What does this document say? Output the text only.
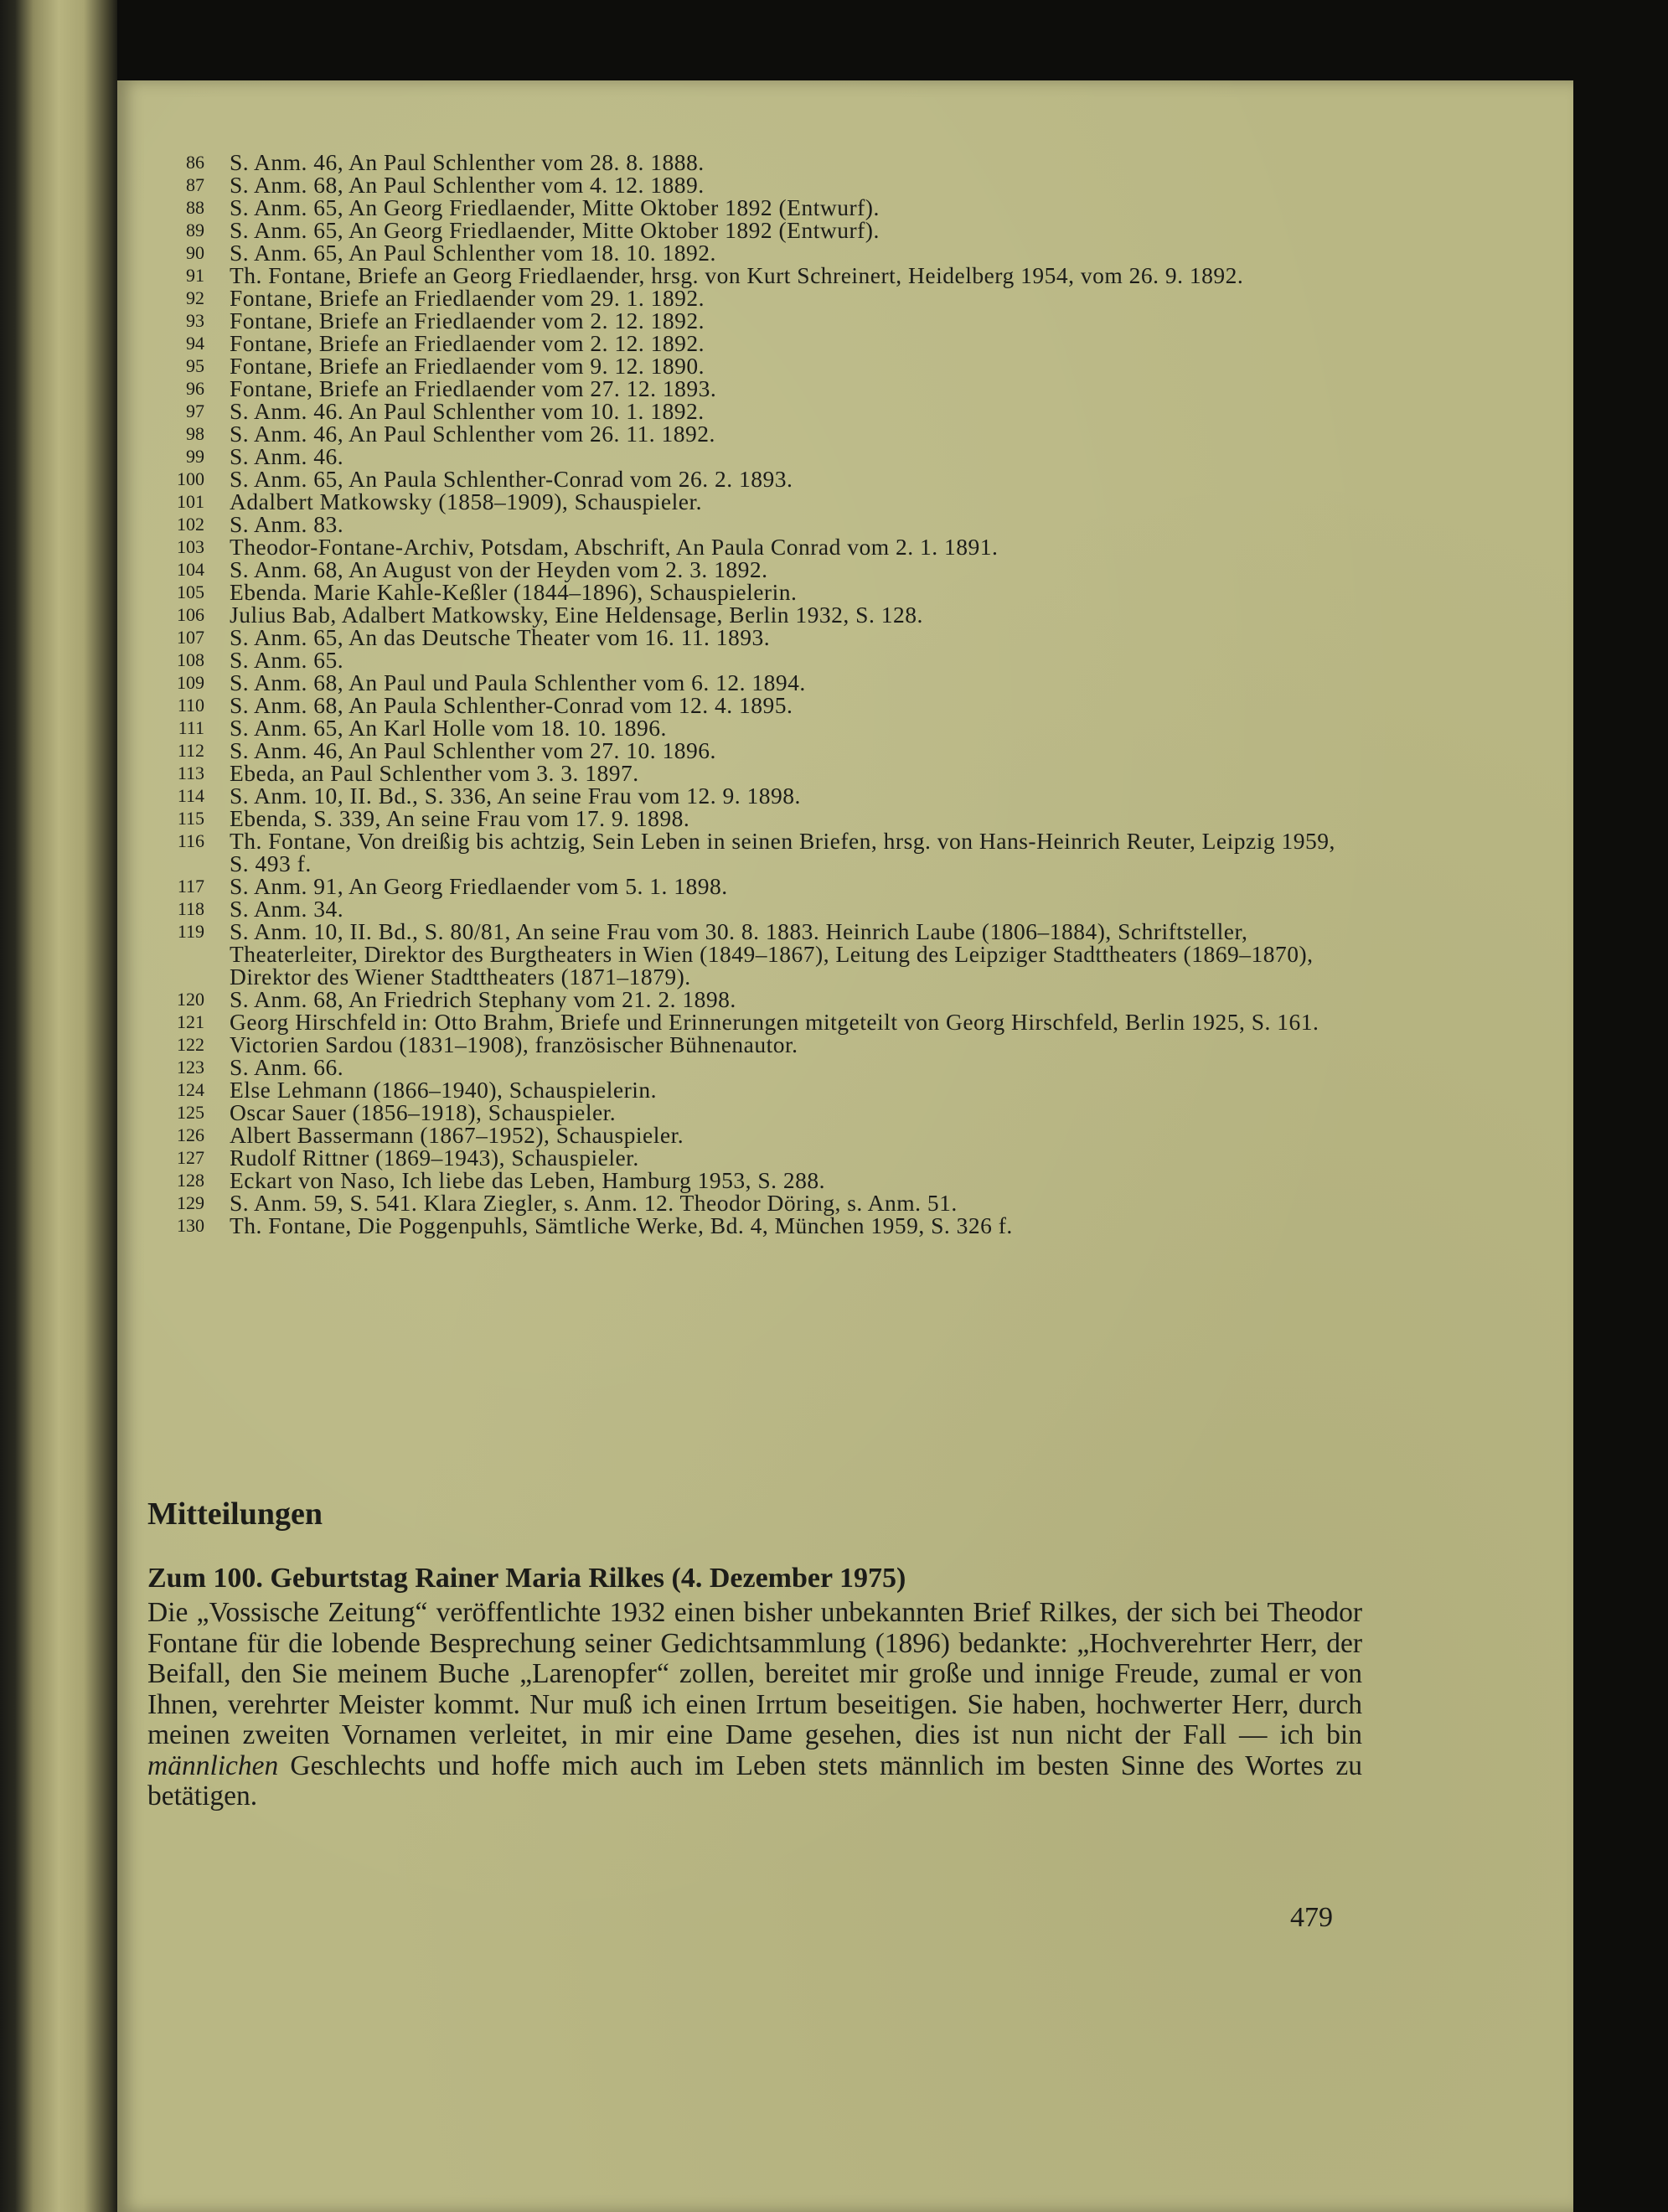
86	S. Anm. 46, An Paul Schlenther vom 28. 8. 1888.
87	S. Anm. 68, An Paul Schlenther vom 4. 12. 1889.
88	S. Anm. 65, An Georg Friedlaender, Mitte Oktober 1892 (Entwurf).
89	S. Anm. 65, An Georg Friedlaender, Mitte Oktober 1892 (Entwurf).
90	S. Anm. 65, An Paul Schlenther vom 18. 10. 1892.
91	Th. Fontane, Briefe an Georg Friedlaender, hrsg. von Kurt Schreinert, Heidelberg 1954, vom 26. 9. 1892.
92	Fontane, Briefe an Friedlaender vom 29. 1. 1892.
93	Fontane, Briefe an Friedlaender vom 2. 12. 1892.
94	Fontane, Briefe an Friedlaender vom 2. 12. 1892.
95	Fontane, Briefe an Friedlaender vom 9. 12. 1890.
96	Fontane, Briefe an Friedlaender vom 27. 12. 1893.
97	S. Anm. 46. An Paul Schlenther vom 10. 1. 1892.
98	S. Anm. 46, An Paul Schlenther vom 26. 11. 1892.
99	S. Anm. 46.
100	S. Anm. 65, An Paula Schlenther-Conrad vom 26. 2. 1893.
101	Adalbert Matkowsky (1858–1909), Schauspieler.
102	S. Anm. 83.
103	Theodor-Fontane-Archiv, Potsdam, Abschrift, An Paula Conrad vom 2. 1. 1891.
104	S. Anm. 68, An August von der Heyden vom 2. 3. 1892.
105	Ebenda. Marie Kahle-Keßler (1844–1896), Schauspielerin.
106	Julius Bab, Adalbert Matkowsky, Eine Heldensage, Berlin 1932, S. 128.
107	S. Anm. 65, An das Deutsche Theater vom 16. 11. 1893.
108	S. Anm. 65.
109	S. Anm. 68, An Paul und Paula Schlenther vom 6. 12. 1894.
110	S. Anm. 68, An Paula Schlenther-Conrad vom 12. 4. 1895.
111	S. Anm. 65, An Karl Holle vom 18. 10. 1896.
112	S. Anm. 46, An Paul Schlenther vom 27. 10. 1896.
113	Ebeda, an Paul Schlenther vom 3. 3. 1897.
114	S. Anm. 10, II. Bd., S. 336, An seine Frau vom 12. 9. 1898.
115	Ebenda, S. 339, An seine Frau vom 17. 9. 1898.
116	Th. Fontane, Von dreißig bis achtzig, Sein Leben in seinen Briefen, hrsg. von Hans-Heinrich Reuter, Leipzig 1959, S. 493 f.
117	S. Anm. 91, An Georg Friedlaender vom 5. 1. 1898.
118	S. Anm. 34.
119	S. Anm. 10, II. Bd., S. 80/81, An seine Frau vom 30. 8. 1883. Heinrich Laube (1806–1884), Schriftsteller, Theaterleiter, Direktor des Burgtheaters in Wien (1849–1867), Leitung des Leipziger Stadttheaters (1869–1870), Direktor des Wiener Stadttheaters (1871–1879).
120	S. Anm. 68, An Friedrich Stephany vom 21. 2. 1898.
121	Georg Hirschfeld in: Otto Brahm, Briefe und Erinnerungen mitgeteilt von Georg Hirschfeld, Berlin 1925, S. 161.
122	Victorien Sardou (1831–1908), französischer Bühnenautor.
123	S. Anm. 66.
124	Else Lehmann (1866–1940), Schauspielerin.
125	Oscar Sauer (1856–1918), Schauspieler.
126	Albert Bassermann (1867–1952), Schauspieler.
127	Rudolf Rittner (1869–1943), Schauspieler.
128	Eckart von Naso, Ich liebe das Leben, Hamburg 1953, S. 288.
129	S. Anm. 59, S. 541. Klara Ziegler, s. Anm. 12. Theodor Döring, s. Anm. 51.
130	Th. Fontane, Die Poggenpuhls, Sämtliche Werke, Bd. 4, München 1959, S. 326 f.
Mitteilungen
Zum 100. Geburtstag Rainer Maria Rilkes (4. Dezember 1975)

Die „Vossische Zeitung“ veröffentlichte 1932 einen bisher unbekannten Brief Rilkes, der sich bei Theodor Fontane für die lobende Besprechung seiner Gedichtsammlung (1896) bedankte: „Hochverehrter Herr, der Beifall, den Sie meinem Buche „Larenopfer“ zollen, bereitet mir große und innige Freude, zumal er von Ihnen, verehrter Meister kommt. Nur muß ich einen Irrtum beseitigen. Sie haben, hochwerter Herr, durch meinen zweiten Vornamen verleitet, in mir eine Dame gesehen, dies ist nun nicht der Fall — ich bin männlichen Geschlechts und hoffe mich auch im Leben stets männlich im besten Sinne des Wortes zu betätigen.

479
